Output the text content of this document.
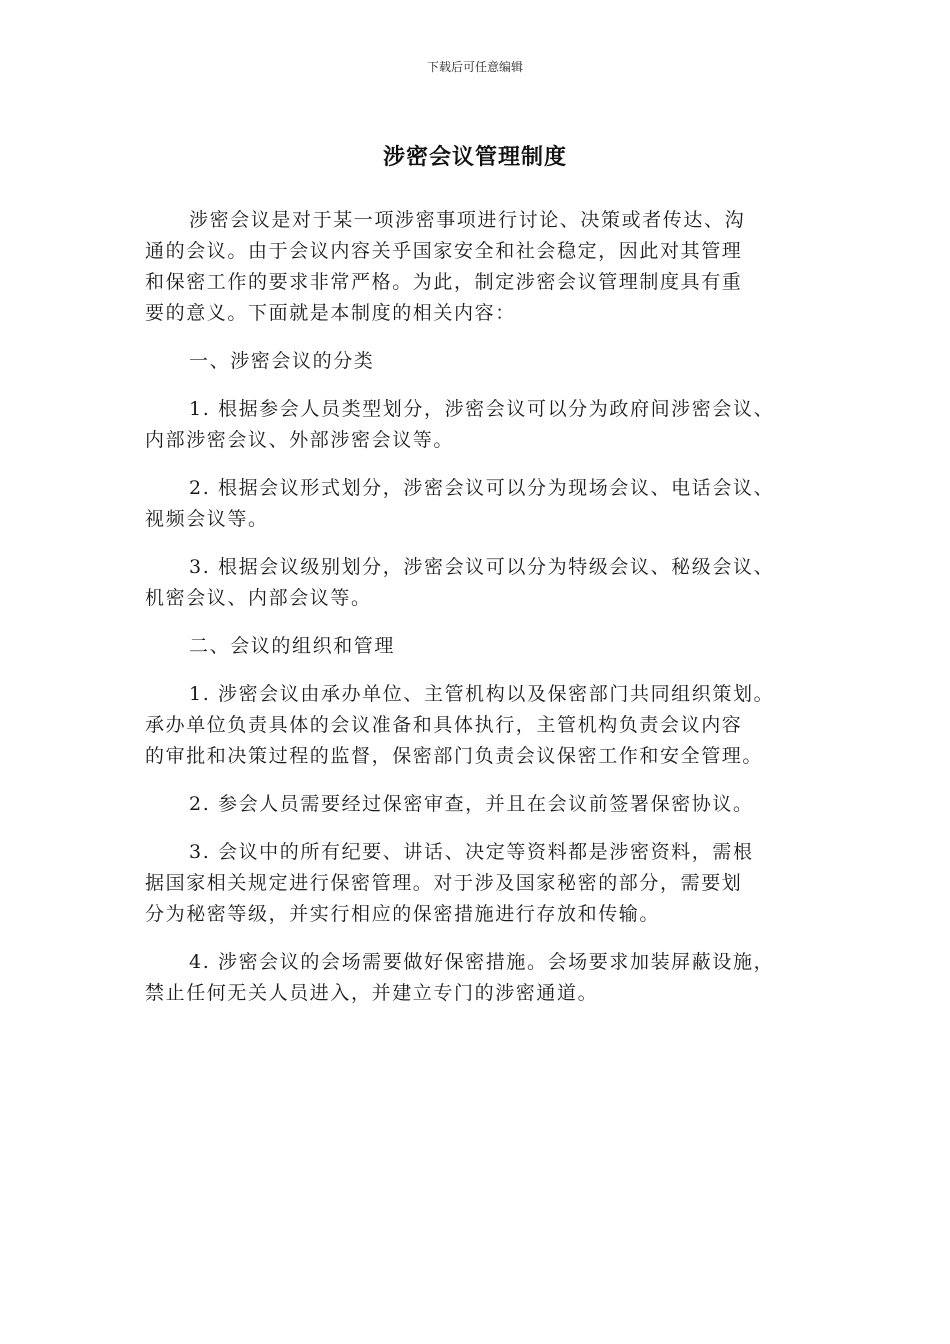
下载后可任意编辑
涉密会议管理制度
涉密会议是对于某一项涉密事项进行讨论、决策或者传达、沟
通的会议。由于会议内容关乎国家安全和社会稳定，因此对其管理
和保密工作的要求非常严格。为此，制定涉密会议管理制度具有重
要的意义。下面就是本制度的相关内容：
一、涉密会议的分类
1. 根据参会人员类型划分，涉密会议可以分为政府间涉密会议、
内部涉密会议、外部涉密会议等。
2. 根据会议形式划分，涉密会议可以分为现场会议、电话会议、
视频会议等。
3. 根据会议级别划分，涉密会议可以分为特级会议、秘级会议、
机密会议、内部会议等。
二、会议的组织和管理
1. 涉密会议由承办单位、主管机构以及保密部门共同组织策划。
承办单位负责具体的会议准备和具体执行，主管机构负责会议内容
的审批和决策过程的监督，保密部门负责会议保密工作和安全管理。
2. 参会人员需要经过保密审查，并且在会议前签署保密协议。
3. 会议中的所有纪要、讲话、决定等资料都是涉密资料，需根
据国家相关规定进行保密管理。对于涉及国家秘密的部分，需要划
分为秘密等级，并实行相应的保密措施进行存放和传输。
4. 涉密会议的会场需要做好保密措施。会场要求加装屏蔽设施，
禁止任何无关人员进入，并建立专门的涉密通道。
